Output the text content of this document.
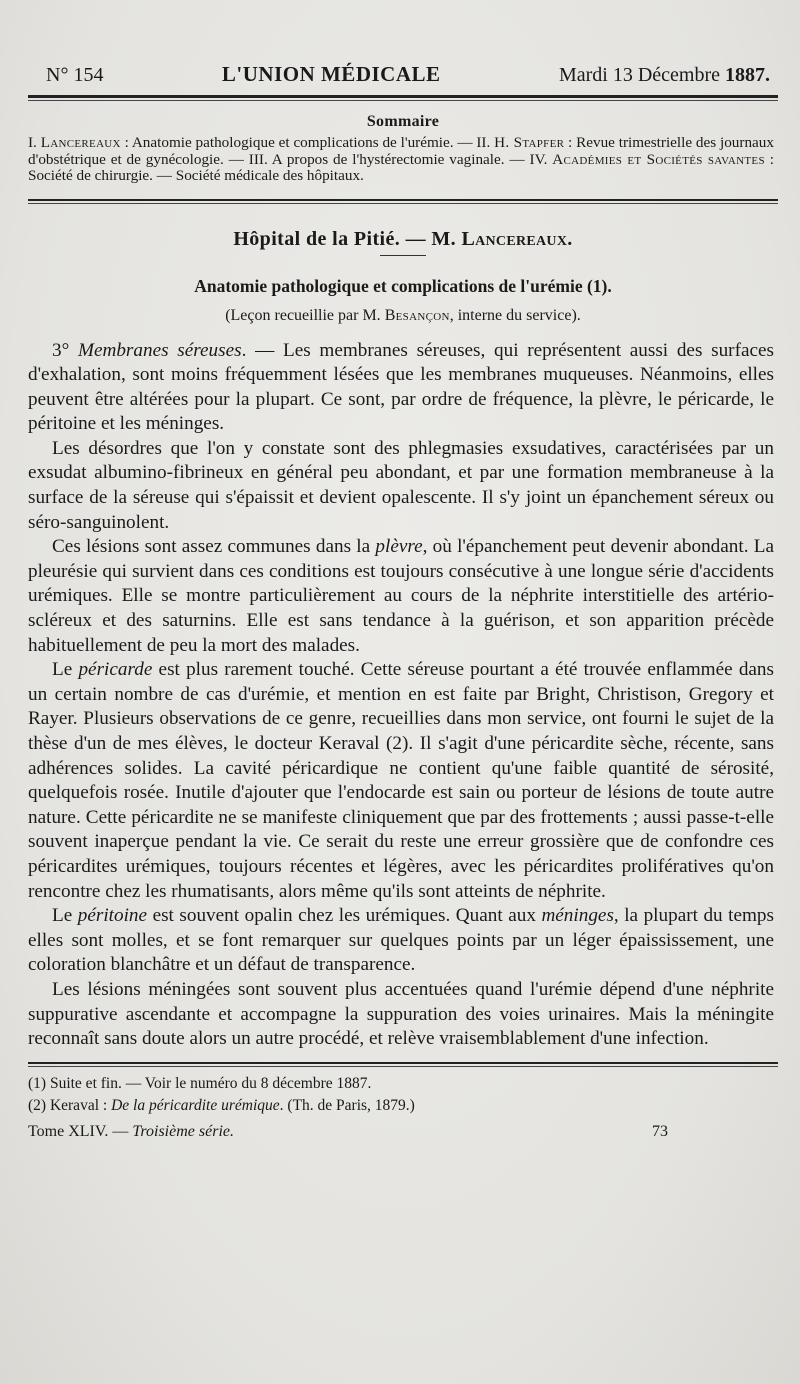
N° 154	L'UNION MÉDICALE	Mardi 13 Décembre 1887.
Sommaire
I. Lancereaux : Anatomie pathologique et complications de l'urémie. — II. H. Stapfer : Revue trimestrielle des journaux d'obstétrique et de gynécologie. — III. A propos de l'hystérectomie vaginale. — IV. Académies et Sociétés savantes : Société de chirurgie. — Société médicale des hôpitaux.
Hôpital de la Pitié. — M. Lancereaux.
Anatomie pathologique et complications de l'urémie (1).
(Leçon recueillie par M. Besançon, interne du service).

3° Membranes séreuses. — Les membranes séreuses, qui représentent aussi des surfaces d'exhalation, sont moins fréquemment lésées que les membranes muqueuses. Néanmoins, elles peuvent être altérées pour la plupart. Ce sont, par ordre de fréquence, la plèvre, le péricarde, le péritoine et les méninges.

Les désordres que l'on y constate sont des phlegmasies exsudatives, caractérisées par un exsudat albumino-fibrineux en général peu abondant, et par une formation membraneuse à la surface de la séreuse qui s'épaissit et devient opalescente. Il s'y joint un épanchement séreux ou séro-sanguinolent.

Ces lésions sont assez communes dans la plèvre, où l'épanchement peut devenir abondant. La pleurésie qui survient dans ces conditions est toujours consécutive à une longue série d'accidents urémiques. Elle se montre particulièrement au cours de la néphrite interstitielle des artério-scléreux et des saturnins. Elle est sans tendance à la guérison, et son apparition précède habituellement de peu la mort des malades.

Le péricarde est plus rarement touché. Cette séreuse pourtant a été trouvée enflammée dans un certain nombre de cas d'urémie, et mention en est faite par Bright, Christison, Gregory et Rayer. Plusieurs observations de ce genre, recueillies dans mon service, ont fourni le sujet de la thèse d'un de mes élèves, le docteur Keraval (2). Il s'agit d'une péricardite sèche, récente, sans adhérences solides. La cavité péricardique ne contient qu'une faible quantité de sérosité, quelquefois rosée. Inutile d'ajouter que l'endocarde est sain ou porteur de lésions de toute autre nature. Cette péricardite ne se manifeste cliniquement que par des frottements ; aussi passe-t-elle souvent inaperçue pendant la vie. Ce serait du reste une erreur grossière que de confondre ces péricardites urémiques, toujours récentes et légères, avec les péricardites prolifératives qu'on rencontre chez les rhumatisants, alors même qu'ils sont atteints de néphrite.

Le péritoine est souvent opalin chez les urémiques. Quant aux méninges, la plupart du temps elles sont molles, et se font remarquer sur quelques points par un léger épaississement, une coloration blanchâtre et un défaut de transparence.

Les lésions méningées sont souvent plus accentuées quand l'urémie dépend d'une néphrite suppurative ascendante et accompagne la suppuration des voies urinaires. Mais la méningite reconnaît sans doute alors un autre procédé, et relève vraisemblablement d'une infection.

(1) Suite et fin. — Voir le numéro du 8 décembre 1887.
(2) Keraval : De la péricardite urémique. (Th. de Paris, 1879.)
Tome XLIV. — Troisième série.	73
